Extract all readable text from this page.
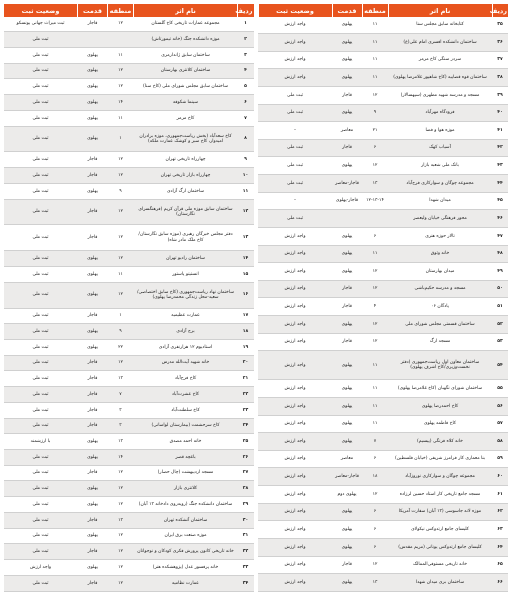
ردیف	نام اثر	منطقه	قدمت	وضعیت ثبت
۱	مجموعه عمارات تاریخی کاخ گلستان	۱۲	قاجار	ثبت میراث جهانی یونسکو
۲	موزه دانشکده جنگ (خانه تیمورتاش)			ثبت ملی
۳	ساختمان سابق ژاندارمری	۱۱	پهلوی	ثبت ملی
۴	ساختمان کلانتری بهارستان	۱۲	پهلوی	ثبت ملی
۵	ساختمان سابق مجلس شورای ملی (کاخ سنا)	۱۲	پهلوی	ثبت ملی
۶	سینما شکوفه	۱۴	پهلوی	ثبت ملی
۷	کاخ مرمر	۱۱	پهلوی	ثبت ملی
۸	کاخ سعدآباد (بخش ریاست‌جمهوری، موزه برادران امیدوار، کاخ سبز و کوشک عمارت ملکه)	۱	پهلوی	ثبت ملی
۹	چهارراه تاریخی تهران	۱۲	قاجار	ثبت ملی
۱۰	چهارراه بازار تاریخی تهران	۱۲	قاجار	ثبت ملی
۱۱	ساختمان ارگ آزادی	۹	پهلوی	ثبت ملی
۱۲	ساختمان سابق موزه ملی قرآن کریم (فرهنگسرای نگارستان)	۱۲	قاجار	ثبت ملی
۱۳	دفتر مجلس خبرگان رهبری (موزه سابق نگارستان/ کاخ ملک مادر شاه)	۱۲	قاجار	ثبت ملی
۱۴	ساختمان رادیو تهران	۱۲	پهلوی	ثبت ملی
۱۵	انستیتو پاستور	۱۱	پهلوی	ثبت ملی
۱۶	ساختمان نهاد ریاست‌جمهوری (کاخ سابق اختصاصی/سعید-محل زندگی محمدرضا پهلوی)	۱۲	پهلوی	ثبت ملی
۱۷	عمارت عظیمیه	۱	قاجار	ثبت ملی
۱۸	برج آزادی	۹	پهلوی	ثبت ملی
۱۹	استادیوم ۱۲ هزارنفری آزادی	۲۲	پهلوی	ثبت ملی
۲۰	خانه شهید آیت‌الله مدرس	۱۲	قاجار	ثبت ملی
۲۱	کاخ فرح‌آباد	۱۳	قاجار	ثبت ملی
۲۲	کاخ عشرت‌آباد	۷	قاجار	ثبت ملی
۲۳	کاخ سلطنت‌آباد	۳	قاجار	ثبت ملی
۲۴	کاخ سرحشمت (بیمارستان لواسانی)	۳	قاجار	ثبت ملی
۲۵	خانه احمد مصدق	۱۳	پهلوی	با ارزشمند
۲۶	باغچه قصر	۱۴	پهلوی	ثبت ملی
۲۷	مسجد اردیبهشت (چال حصار)	۱۲	قاجار	ثبت ملی
۲۸	کلانتری بازار	۱۲	پهلوی	ثبت ملی
۲۹	ساختمان دانشکده جنگ (روبه‌روی دادخانه ۱۳ آبان)	۱۲	پهلوی	ثبت ملی
۳۰	ساختمان آتشکده تهران	۱۳	قاجار	ثبت ملی
۳۱	موزه صنعت برق ایران	۱۲	پهلوی	ثبت ملی
۳۲	خانه تاریخی کانون پرورش فکری کودکان و نوجوانان	۱۲	قاجار	ثبت ملی
۳۳	خانه پرفسور عدل (پژوهشکده هنر)	۱۲	پهلوی	واجد ارزش
۳۴	عمارت نظامیه	۱۲	قاجار	ثبت ملی
ردیف	نام اثر	منطقه	قدمت	وضعیت ثبت
۳۵	کتابخانه سابق مجلس سنا	۱۱	پهلوی	واجد ارزش
۳۶	ساختمان دانشکده افسری امام علی(ع)	۱۱	پهلوی	واجد ارزش
۳۷	سردر سنگی کاخ مرمر	۱۱	پهلوی	واجد ارزش
۳۸	ساختمان قوه قضاییه (کاخ شاهپور غلامرضا پهلوی)	۱۱	پهلوی	واجد ارزش
۳۹	مسجد و مدرسه شهید مطهری (سپهسالار)	۱۲	قاجار	ثبت ملی
۴۰	فرودگاه مهرآباد	۹	پهلوی	ثبت ملی
۴۱	موزه هوا و فضا	۲۱	معاصر	–
۴۲	آسیاب کهک	۶	قاجار	ثبت ملی
۴۳	بانک ملی شعبه بازار	۱۲	پهلوی	ثبت ملی
۴۴	مجموعه چوگان و سوارکاری فرح‌آباد	۱۳	قاجار-معاصر	ثبت ملی
۴۵	میدان شهدا	۱۲-۱۳-۱۴	قاجار-پهلوی	–
۴۶	محور فرهنگی خیابان ولیعصر			ثبت ملی
۴۷	تالار حوزه هنری	۶	پهلوی	واجد ارزش
۴۸	خانه وثوق	۱۱	پهلوی	واجد ارزش
۴۹	میدان بهارستان	۱۲	پهلوی	واجد ارزش
۵۰	مسجد و مدرسه حکیم‌باشی	۱۲	قاجار	واجد ارزش
۵۱	پادگان ۰۶	۴	قاجار	واجد ارزش
۵۲	ساختمان قسمتی مجلس شورای ملی	۱۲	پهلوی	واجد ارزش
۵۳	مسجد ارگ	۱۲	قاجار	واجد ارزش
۵۴	ساختمان معاون اول ریاست‌جمهوری (دفتر نخست‌وزیری/کاخ اشرف پهلوی)	۱۱	پهلوی	واجد ارزش
۵۵	ساختمان شورای نگهبان (کاخ غلامرضا پهلوی)	۱۱	پهلوی	واجد ارزش
۵۶	کاخ احمدرضا پهلوی	۱۱	پهلوی	واجد ارزش
۵۷	کاخ فاطمه پهلوی	۱۱	پهلوی	واجد ارزش
۵۸	خانه کلاه فرنگی (پیسیم)	۷	پهلوی	واجد ارزش
۵۹	بنا معماری کار فرامرز شریفی (خیابان فلسطین)	۶	معاصر	واجد ارزش
۶۰	مجموعه چوگان و سوارکاری نوروزآباد	۱۸	قاجار-معاصر	واجد ارزش
۶۱	مسجد جامع تاریخی کار استاد حسین لرزاده	۱۲	پهلوی دوم	واجد ارزش
۶۲	موزه لانه جاسوسی (۱۳ آبان) سفارت آمریکا	۶	پهلوی	واجد ارزش
۶۳	کلیسای جامع ارتدوکس نیکولای	۶	پهلوی	واجد ارزش
۶۴	کلیسای جامع ارتدوکس یونانی (مریم مقدس)	۶	پهلوی	واجد ارزش
۶۵	خانه تاریخی مستوفی‌الممالک	۱۲	قاجار	واجد ارزش
۶۶	ساختمان بری میدان شهدا	۱۳	پهلوی	واجد ارزش
